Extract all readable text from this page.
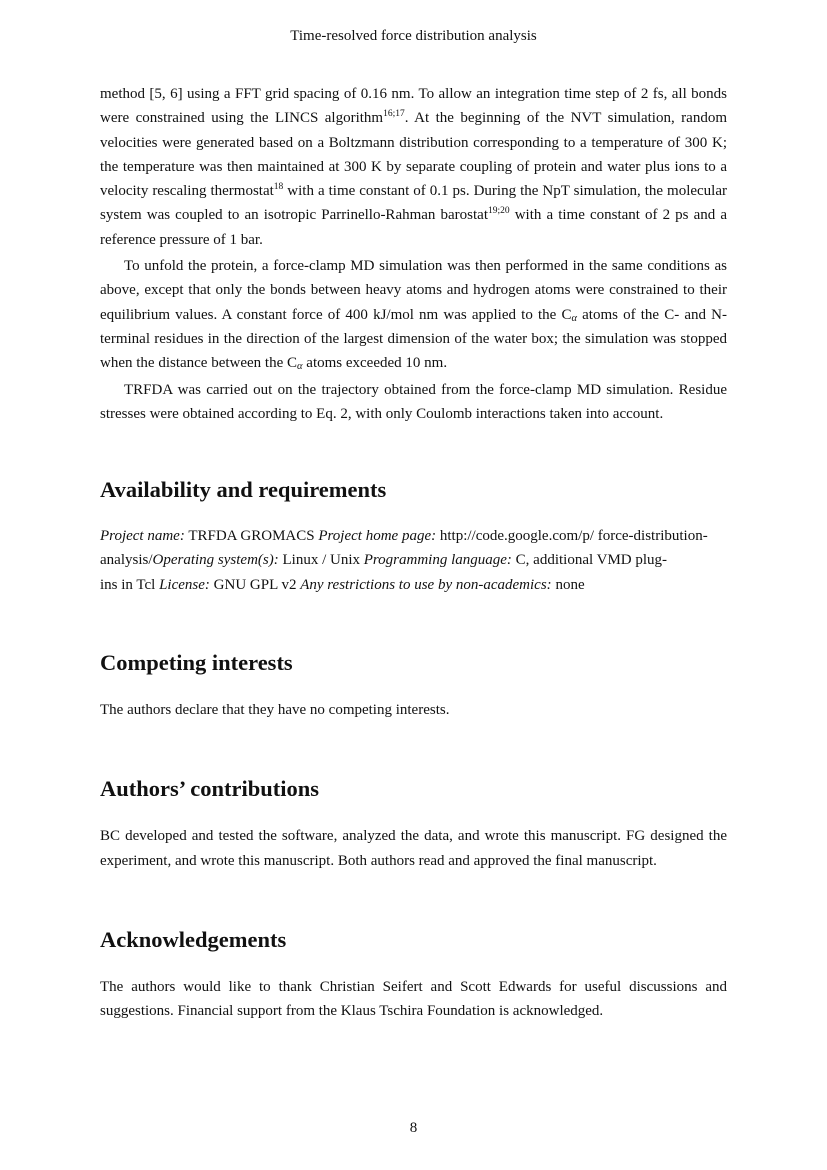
Time-resolved force distribution analysis

method [5, 6] using a FFT grid spacing of 0.16 nm. To allow an integration time step of 2 fs, all bonds were constrained using the LINCS algorithm$^{16;17}$. At the beginning of the NVT simulation, random velocities were generated based on a Boltzmann distribution corresponding to a temperature of 300 K; the temperature was then maintained at 300 K by separate coupling of protein and water plus ions to a velocity rescaling thermostat$^{18}$ with a time constant of 0.1 ps. During the NpT simulation, the molecular system was coupled to an isotropic Parrinello-Rahman barostat$^{19;20}$ with a time constant of 2 ps and a reference pressure of 1 bar.

To unfold the protein, a force-clamp MD simulation was then performed in the same conditions as above, except that only the bonds between heavy atoms and hydrogen atoms were constrained to their equilibrium values. A constant force of 400 kJ/mol nm was applied to the Cα atoms of the C- and N-terminal residues in the direction of the largest dimension of the water box; the simulation was stopped when the distance between the Cα atoms exceeded 10 nm.

TRFDA was carried out on the trajectory obtained from the force-clamp MD simulation. Residue stresses were obtained according to Eq. 2, with only Coulomb interactions taken into account.

Availability and requirements
Project name: TRFDA GROMACS Project home page: http://code.google.com/p/ force-distribution-
analysis/Operating system(s): Linux / Unix Programming language: C, additional VMD plug-
ins in Tcl License: GNU GPL v2 Any restrictions to use by non-academics: none
Competing interests

The authors declare that they have no competing interests.

Authors’ contributions

BC developed and tested the software, analyzed the data, and wrote this manuscript. FG designed the experiment, and wrote this manuscript. Both authors read and approved the final manuscript.

Acknowledgements

The authors would like to thank Christian Seifert and Scott Edwards for useful discussions and suggestions. Financial support from the Klaus Tschira Foundation is acknowledged.

8
